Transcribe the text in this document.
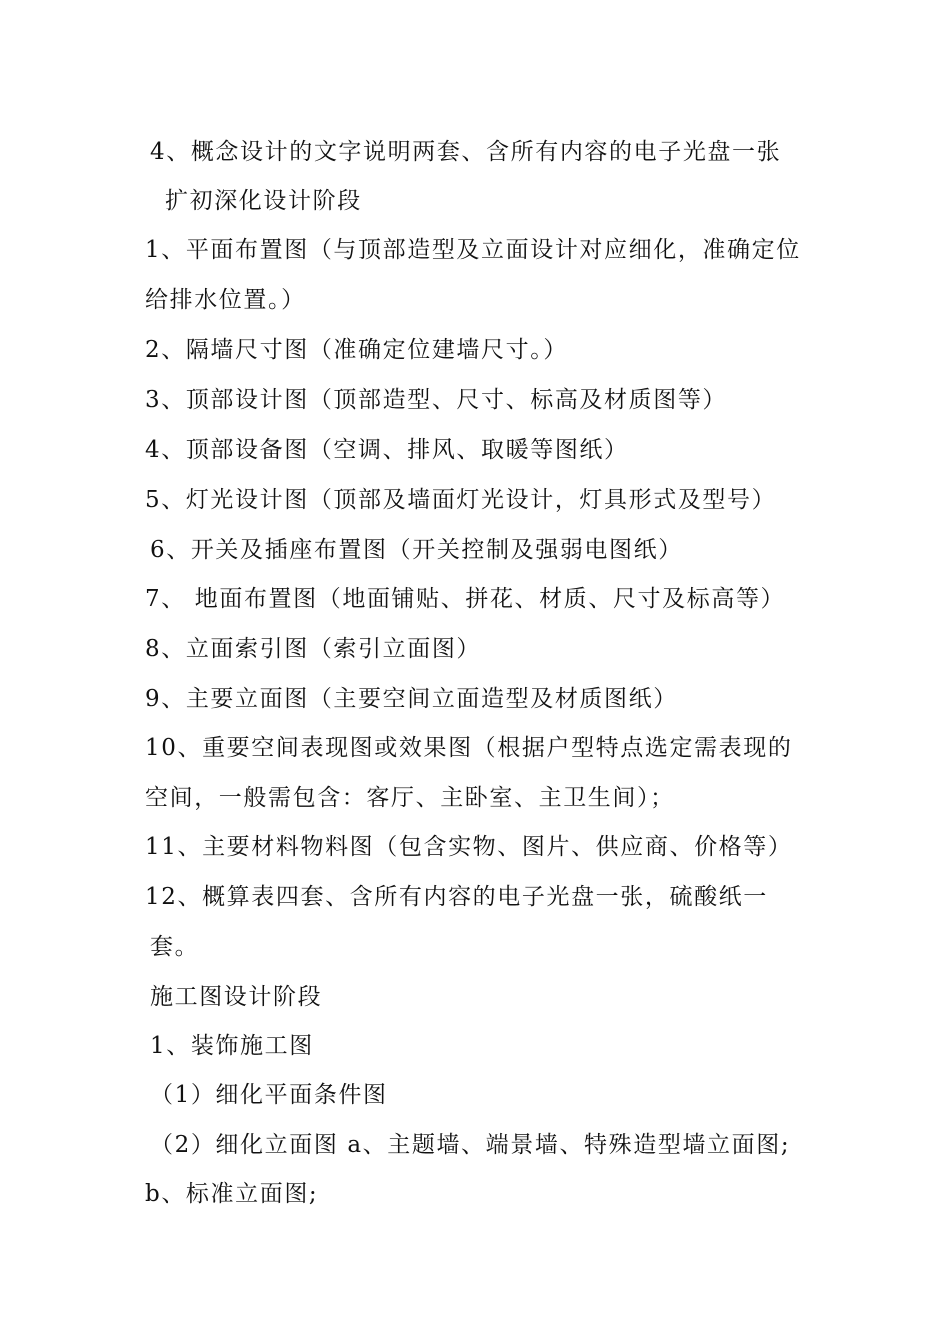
4、概念设计的文字说明两套、含所有内容的电子光盘一张
扩初深化设计阶段
1、平面布置图（与顶部造型及立面设计对应细化，准确定位
给排水位置。）
2、隔墙尺寸图（准确定位建墙尺寸。）
3、顶部设计图（顶部造型、尺寸、标高及材质图等）
4、顶部设备图（空调、排风、取暖等图纸）
5、灯光设计图（顶部及墙面灯光设计，灯具形式及型号）
6、开关及插座布置图（开关控制及强弱电图纸）
7、 地面布置图（地面铺贴、拼花、材质、尺寸及标高等）
8、立面索引图（索引立面图）
9、主要立面图（主要空间立面造型及材质图纸）
10、重要空间表现图或效果图（根据户型特点选定需表现的
空间，一般需包含：客厅、主卧室、主卫生间）；
11、主要材料物料图（包含实物、图片、供应商、价格等）
12、概算表四套、含所有内容的电子光盘一张，硫酸纸一
套。
施工图设计阶段
1、装饰施工图
（1）细化平面条件图
（2）细化立面图 a、主题墙、端景墙、特殊造型墙立面图;
b、标准立面图;
